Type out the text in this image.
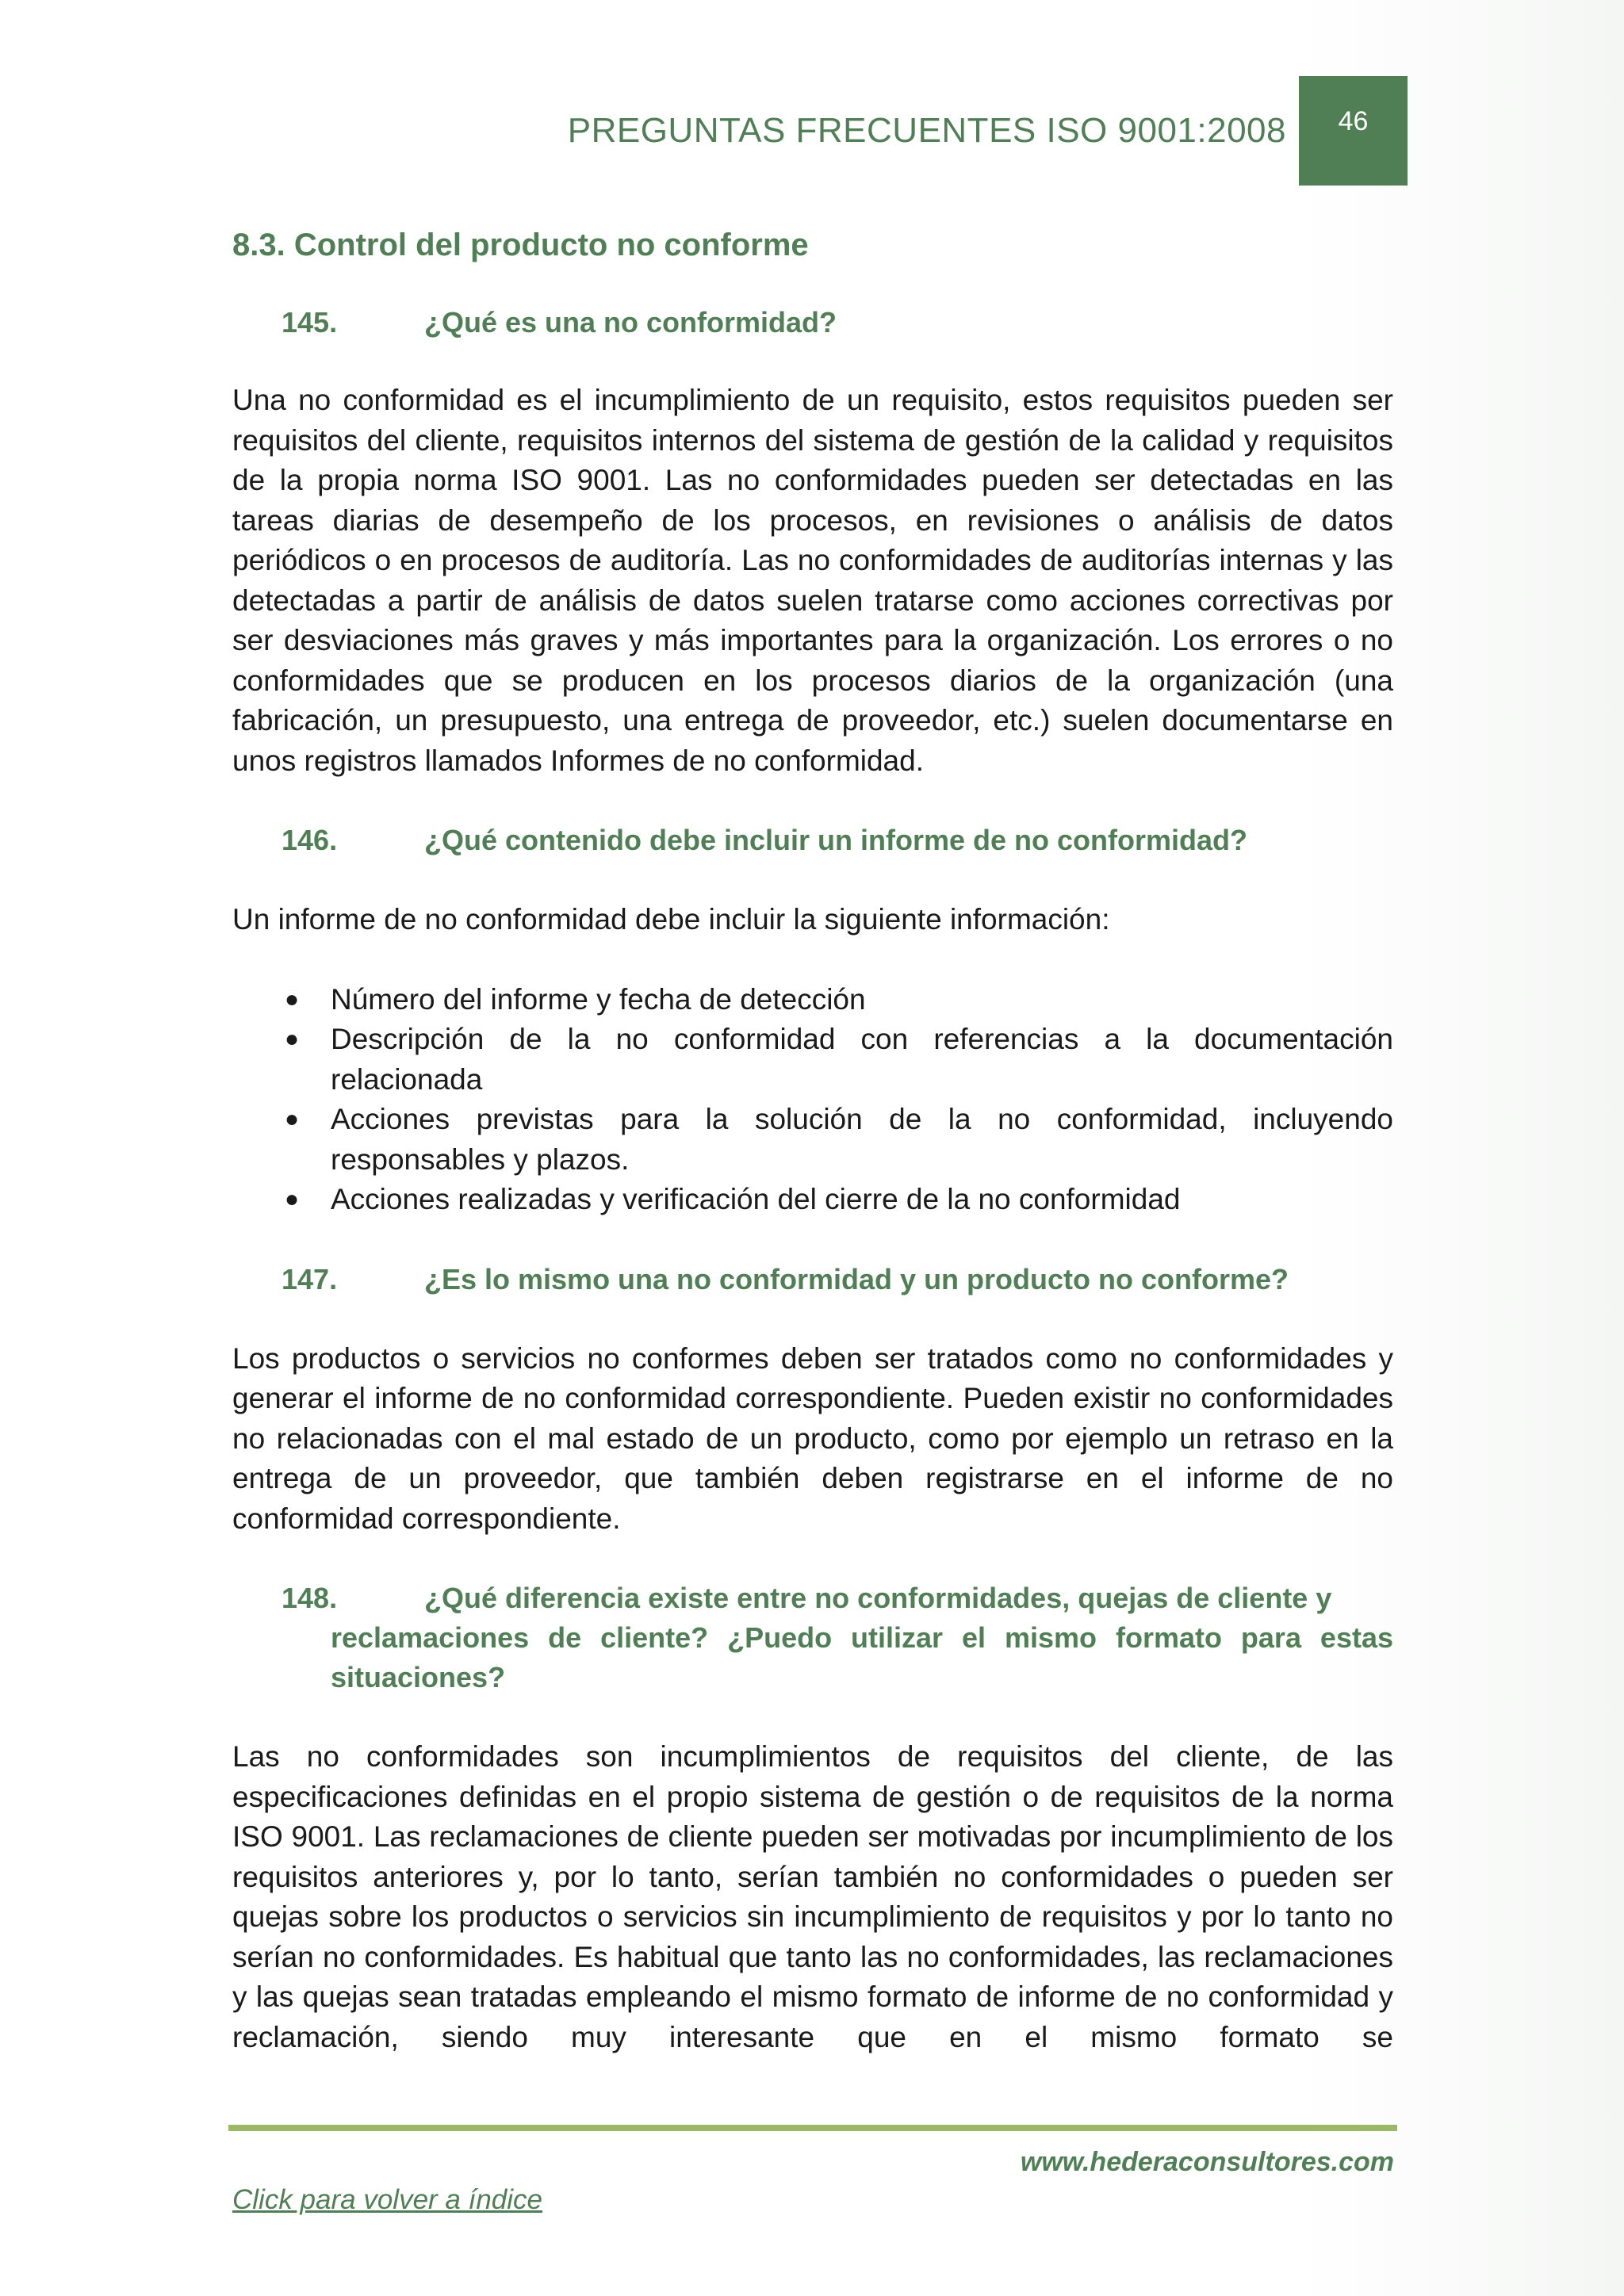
PREGUNTAS FRECUENTES ISO 9001:2008 46
8.3. Control del producto no conforme
145.	¿Qué es una no conformidad?
Una no conformidad es el incumplimiento de un requisito, estos requisitos pueden ser requisitos del cliente, requisitos internos del sistema de gestión de la calidad y requisitos de la propia norma ISO 9001. Las no conformidades pueden ser detectadas en las tareas diarias de desempeño de los procesos, en revisiones o análisis de datos periódicos o en procesos de auditoría. Las no conformidades de auditorías internas y las detectadas a partir de análisis de datos suelen tratarse como acciones correctivas por ser desviaciones más graves y más importantes para la organización. Los errores o no conformidades que se producen en los procesos diarios de la organización (una fabricación, un presupuesto, una entrega de proveedor, etc.) suelen documentarse en unos registros llamados Informes de no conformidad.
146.	¿Qué contenido debe incluir un informe de no conformidad?
Un informe de no conformidad debe incluir la siguiente información:
● Número del informe y fecha de detección
● Descripción de la no conformidad con referencias a la documentación relacionada
● Acciones previstas para la solución de la no conformidad, incluyendo responsables y plazos.
● Acciones realizadas y verificación del cierre de la no conformidad
147.	¿Es lo mismo una no conformidad y un producto no conforme?
Los productos o servicios no conformes deben ser tratados como no conformidades y generar el informe de no conformidad correspondiente. Pueden existir no conformidades no relacionadas con el mal estado de un producto, como por ejemplo un retraso en la entrega de un proveedor, que también deben registrarse en el informe de no conformidad correspondiente.
148.	¿Qué diferencia existe entre no conformidades, quejas de cliente y
reclamaciones de cliente? ¿Puedo utilizar el mismo formato para estas situaciones?
Las no conformidades son incumplimientos de requisitos del cliente, de las especificaciones definidas en el propio sistema de gestión o de requisitos de la norma ISO 9001. Las reclamaciones de cliente pueden ser motivadas por incumplimiento de los requisitos anteriores y, por lo tanto, serían también no conformidades o pueden ser quejas sobre los productos o servicios sin incumplimiento de requisitos y por lo tanto no serían no conformidades. Es habitual que tanto las no conformidades, las reclamaciones y las quejas sean tratadas empleando el mismo formato de informe de no conformidad y reclamación, siendo muy interesante que en el mismo formato se
www.hederaconsultores.com
Click para volver a índice
